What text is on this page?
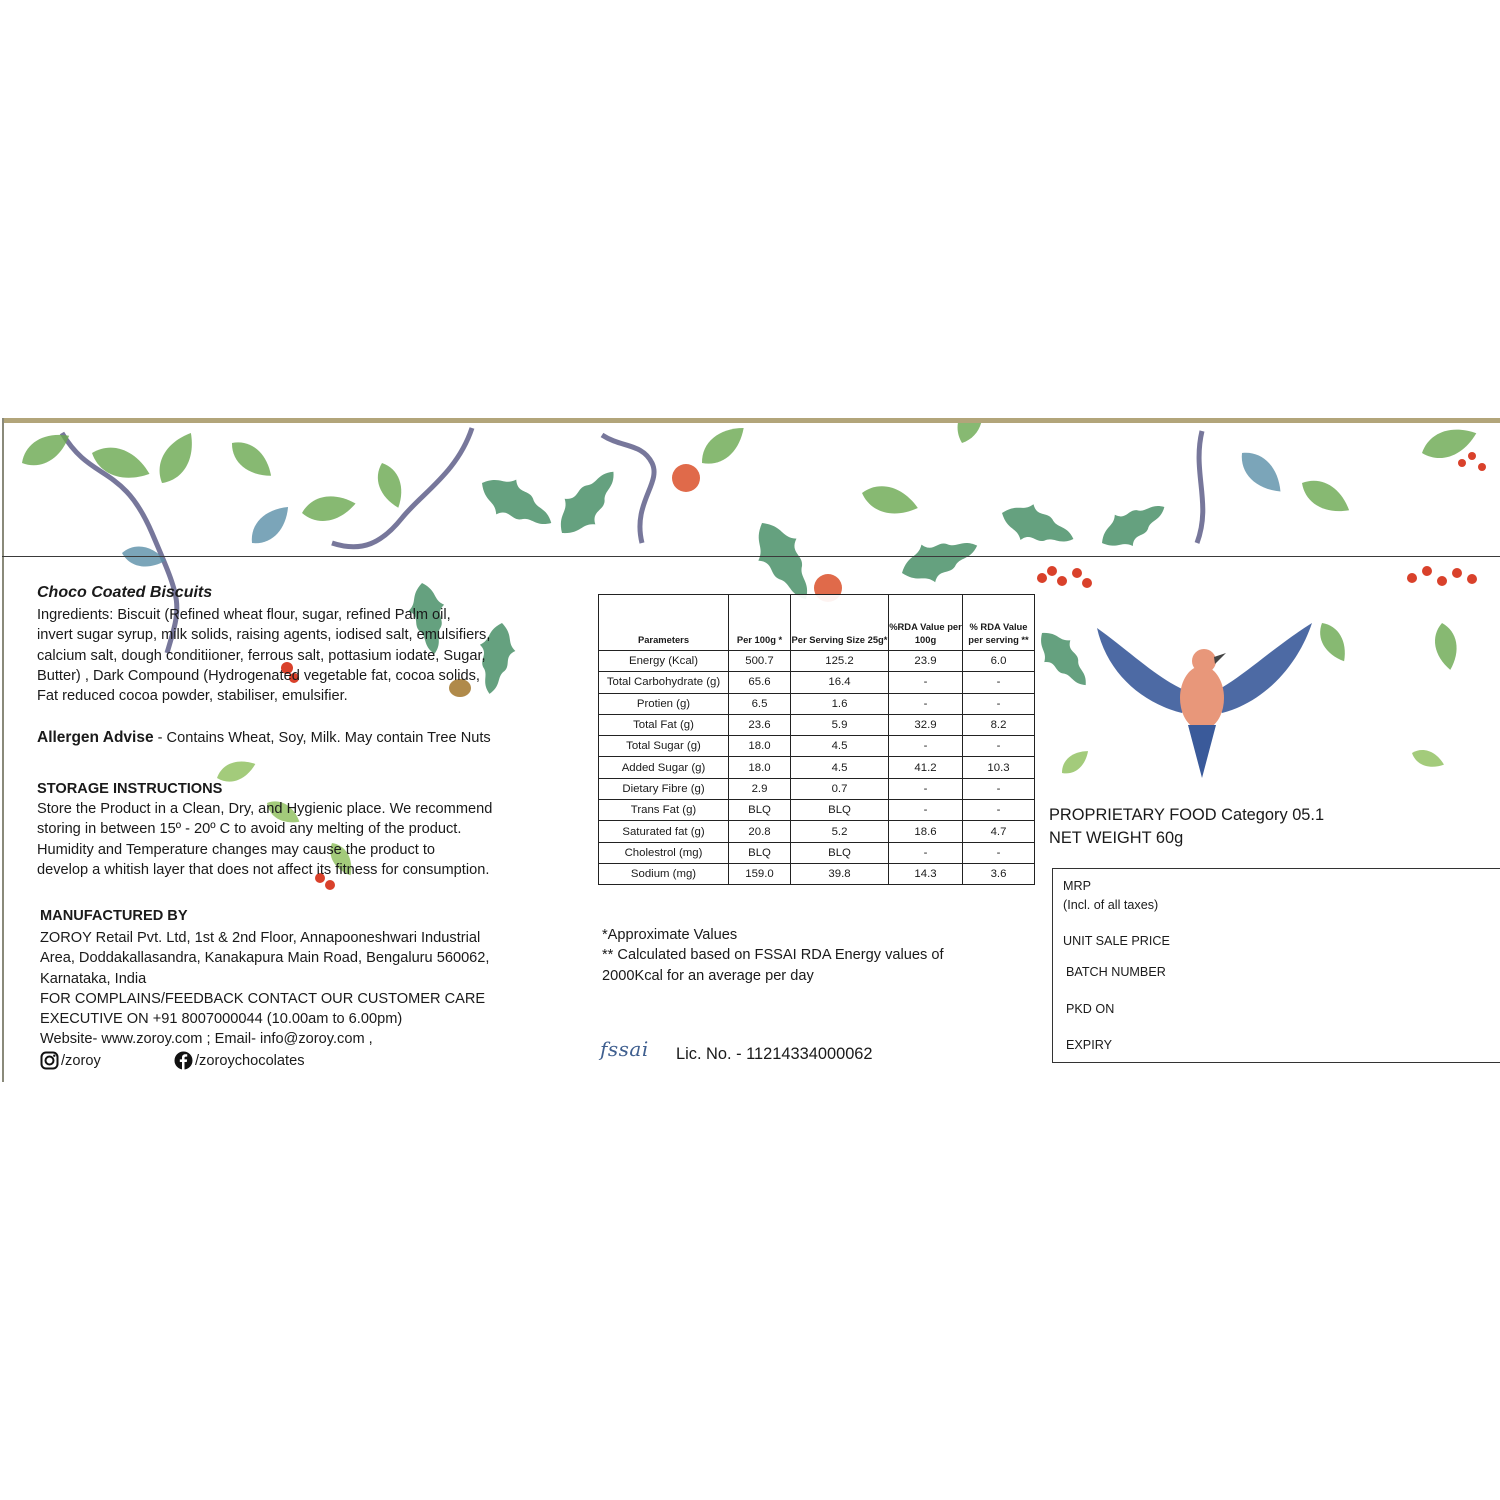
Choco Coated Biscuits
Ingredients: Biscuit (Refined wheat flour, sugar, refined Palm oil,
invert sugar syrup, milk solids, raising agents, iodised salt, emulsifiers,
calcium salt, dough conditiioner, ferrous salt, pottasium iodate, Sugar,
Butter) , Dark Compound (Hydrogenated vegetable fat, cocoa solids,
Fat reduced cocoa powder, stabiliser, emulsifier.
Allergen Advise - Contains Wheat, Soy, Milk. May contain Tree Nuts
STORAGE INSTRUCTIONS
Store the Product in a Clean, Dry, and Hygienic place. We recommend
storing in between 15º - 20º C to avoid any melting of the product.
Humidity and Temperature changes may cause the product to
develop a whitish layer that does not affect its fitness for consumption.
MANUFACTURED BY
ZOROY Retail Pvt. Ltd, 1st & 2nd Floor, Annapooneshwari Industrial
Area, Doddakallasandra, Kanakapura Main Road, Bengaluru 560062,
Karnataka, India
FOR COMPLAINS/FEEDBACK CONTACT OUR CUSTOMER CARE
EXECUTIVE ON +91 8007000044 (10.00am to 6.00pm)
Website- www.zoroy.com ; Email- info@zoroy.com ,
/zoroy	/zoroychocolates
Parameters	Per 100g *	Per Serving Size 25g*	%RDA Value per 100g	% RDA Value per serving **
Energy (Kcal)	500.7	125.2	23.9	6.0
Total Carbohydrate (g)	65.6	16.4	-	-
Protien (g)	6.5	1.6	-	-
Total Fat (g)	23.6	5.9	32.9	8.2
Total Sugar (g)	18.0	4.5	-	-
Added Sugar (g)	18.0	4.5	41.2	10.3
Dietary Fibre (g)	2.9	0.7	-	-
Trans Fat (g)	BLQ	BLQ	-	-
Saturated fat (g)	20.8	5.2	18.6	4.7
Cholestrol (mg)	BLQ	BLQ	-	-
Sodium (mg)	159.0	39.8	14.3	3.6
*Approximate Values
** Calculated based on FSSAI RDA Energy values of
2000Kcal for an average per day
fssai Lic. No. - 11214334000062
PROPRIETARY FOOD Category 05.1
NET WEIGHT 60g
MRP
(Incl. of all taxes)
UNIT SALE PRICE
BATCH NUMBER
PKD ON
EXPIRY
